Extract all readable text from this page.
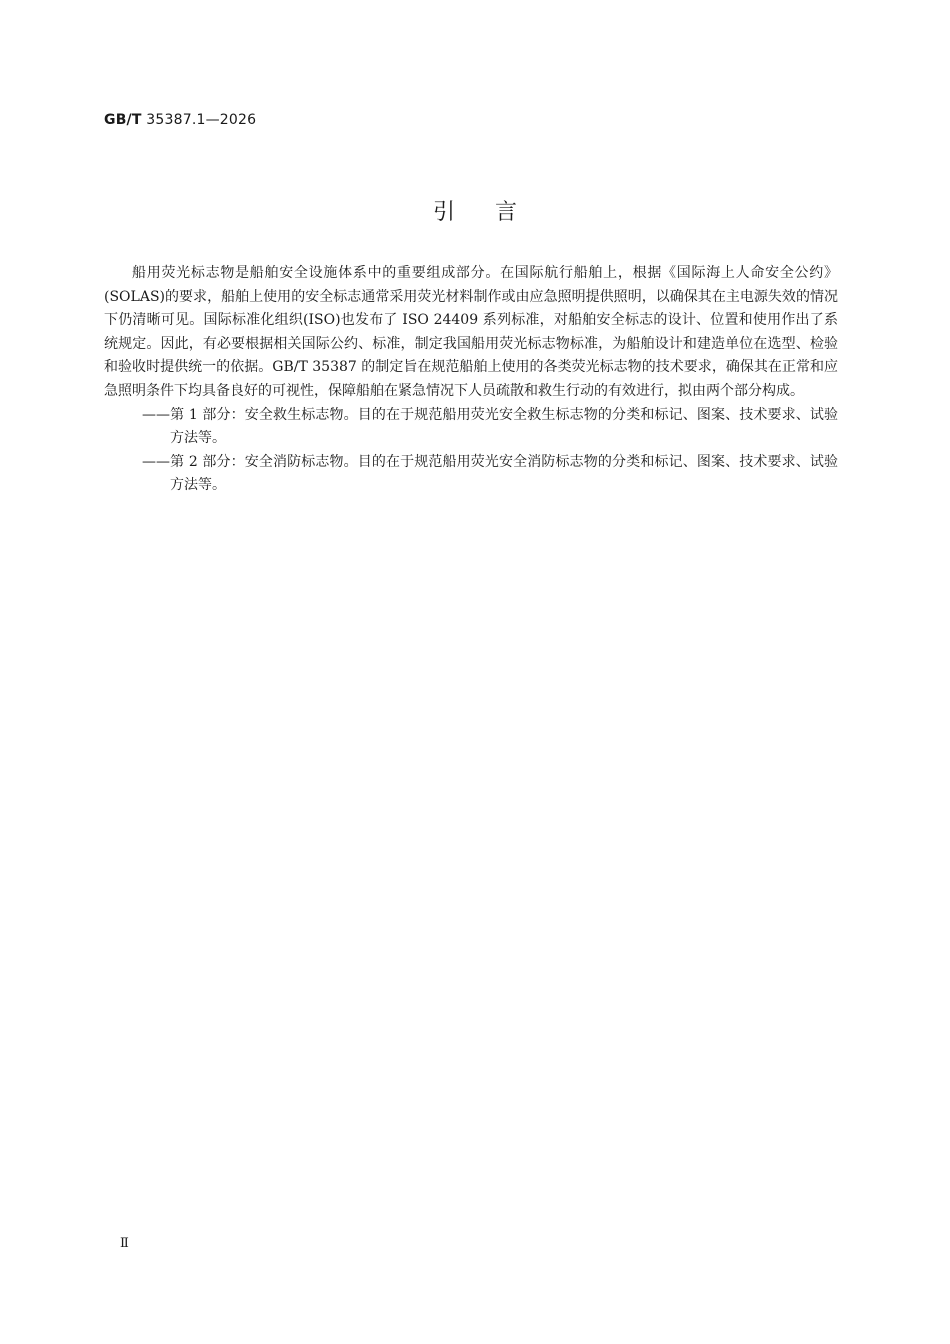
GB/T 35387.1—2026
引言

船用荧光标志物是船舶安全设施体系中的重要组成部分。在国际航行船舶上，根据《国际海上人命安全公约》(SOLAS)的要求，船舶上使用的安全标志通常采用荧光材料制作或由应急照明提供照明，以确保其在主电源失效的情况下仍清晰可见。国际标准化组织(ISO)也发布了 ISO 24409 系列标准，对船舶安全标志的设计、位置和使用作出了系统规定。因此，有必要根据相关国际公约、标准，制定我国船用荧光标志物标准，为船舶设计和建造单位在选型、检验和验收时提供统一的依据。GB/T 35387 的制定旨在规范船舶上使用的各类荧光标志物的技术要求，确保其在正常和应急照明条件下均具备良好的可视性，保障船舶在紧急情况下人员疏散和救生行动的有效进行，拟由两个部分构成。

——第 1 部分：安全救生标志物。目的在于规范船用荧光安全救生标志物的分类和标记、图案、技术要求、试验方法等。

——第 2 部分：安全消防标志物。目的在于规范船用荧光安全消防标志物的分类和标记、图案、技术要求、试验方法等。

Ⅱ
